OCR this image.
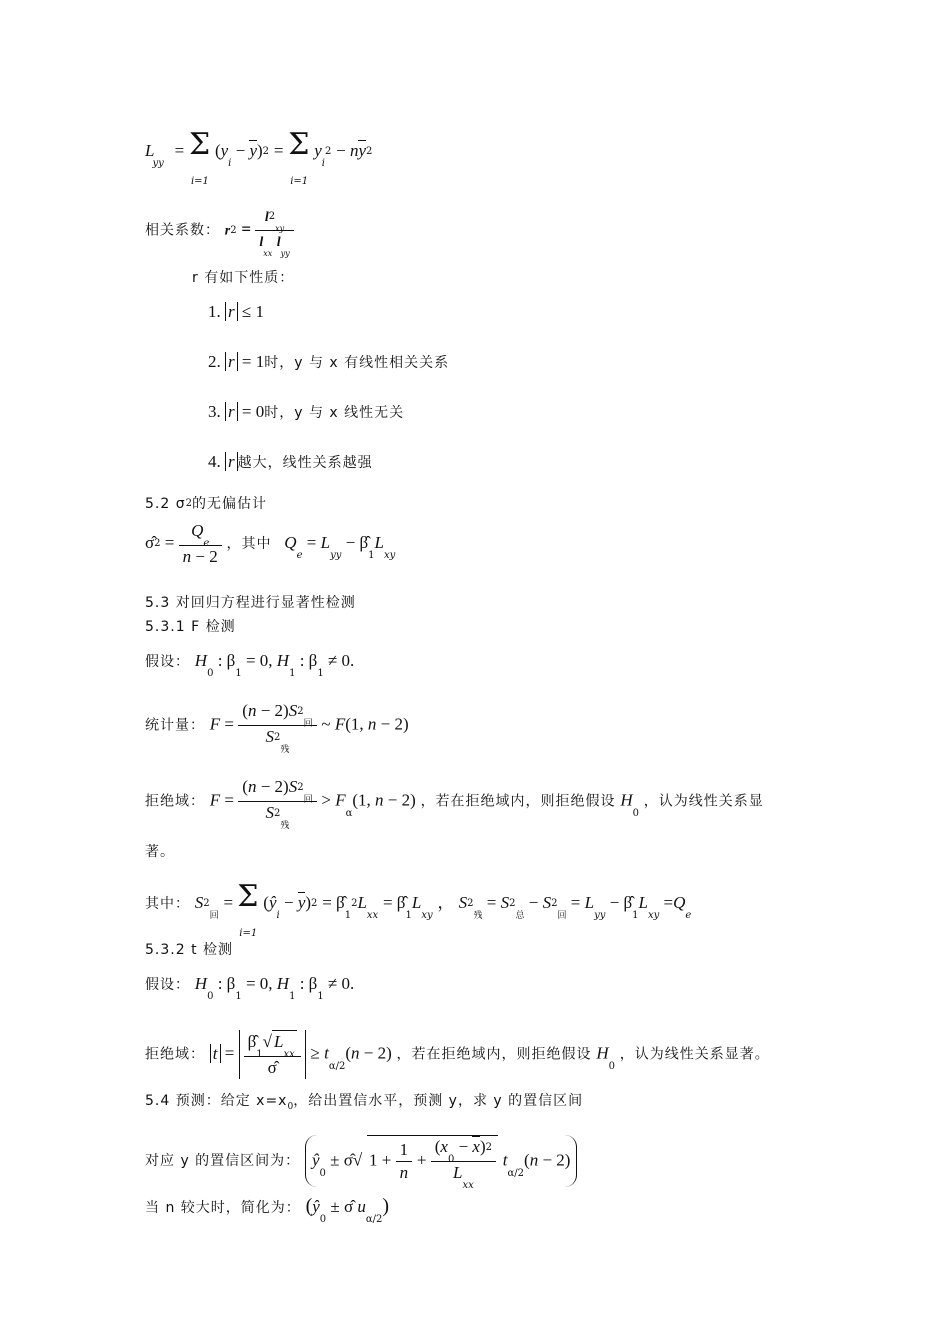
$L_{yy} = \Sigma$
i=1
$(y_i - y)2 = \Sigma$
i=1
$y_i2 - ny2$
相关系数： $r2 = \frac{l2_{xy}}{l_{xx} l_{yy}}$
r 有如下性质：
1. r ≤ 1
2. r = 1时，y 与 x 有线性相关关系
3. r = 0时，y 与 x 线性无关
4. r 越大，线性关系越强
5.2 σ2的无偏估计
σ̂2 = $\frac{Q_e}{n - 2}$ ，其中 $Q_e = L_{yy}$ − $\betâ_1L_{xy}$
5.3 对回归方程进行显著性检测
5.3.1 F 检测
假设： $H_0$ : $\beta_1 = 0$, $H_1$ : $\beta_1 \ne 0$.
统计量： $F = \frac{(n - 2)S2_回}{S2_残}$ ~ F(1, n − 2)
拒绝域： $F = \frac{(n - 2)S2_回}{S2_残} > F_\alpha(1$, n − 2) ，若在拒绝域内，则拒绝假设 $H_0$ ，认为线性关系显
著。
其中： $S2_回 = \Sigma$
i=1
$(ŷ_i - y)2$ = $\betâ_12L_{xx}$ = $\betâ_1L_{xy}$ ， $S2_残 = S2_总 - S2_回 = L_{yy}$ − $\betâ_1L_{xy} =Q_e$
5.3.2 t 检测
假设： $H_0$ : $\beta_1 = 0$, $H_1$ : $\beta_1 \ne 0$.
拒绝域： $t = \frac{\betâ_1√ L_{xx}}{\sigmâ} \ge t_{\alpha/2}(n - 2)$ ，若在拒绝域内，则拒绝假设 $H_0$ ，认为线性关系显著。
5.4 预测：给定 $x=x_0$，给出置信水平，预测 y，求 y 的置信区间
对应 y 的置信区间为： $ŷ_0$ ± σ̂√ $1 + \frac{1}{n} + \frac{(x_0 - x)2}{L_{xx}} t_{\alpha/2}(n - 2)$
当 n 较大时，简化为： ($ŷ_0$ ± σ̂ $u_{\alpha/2}$)
